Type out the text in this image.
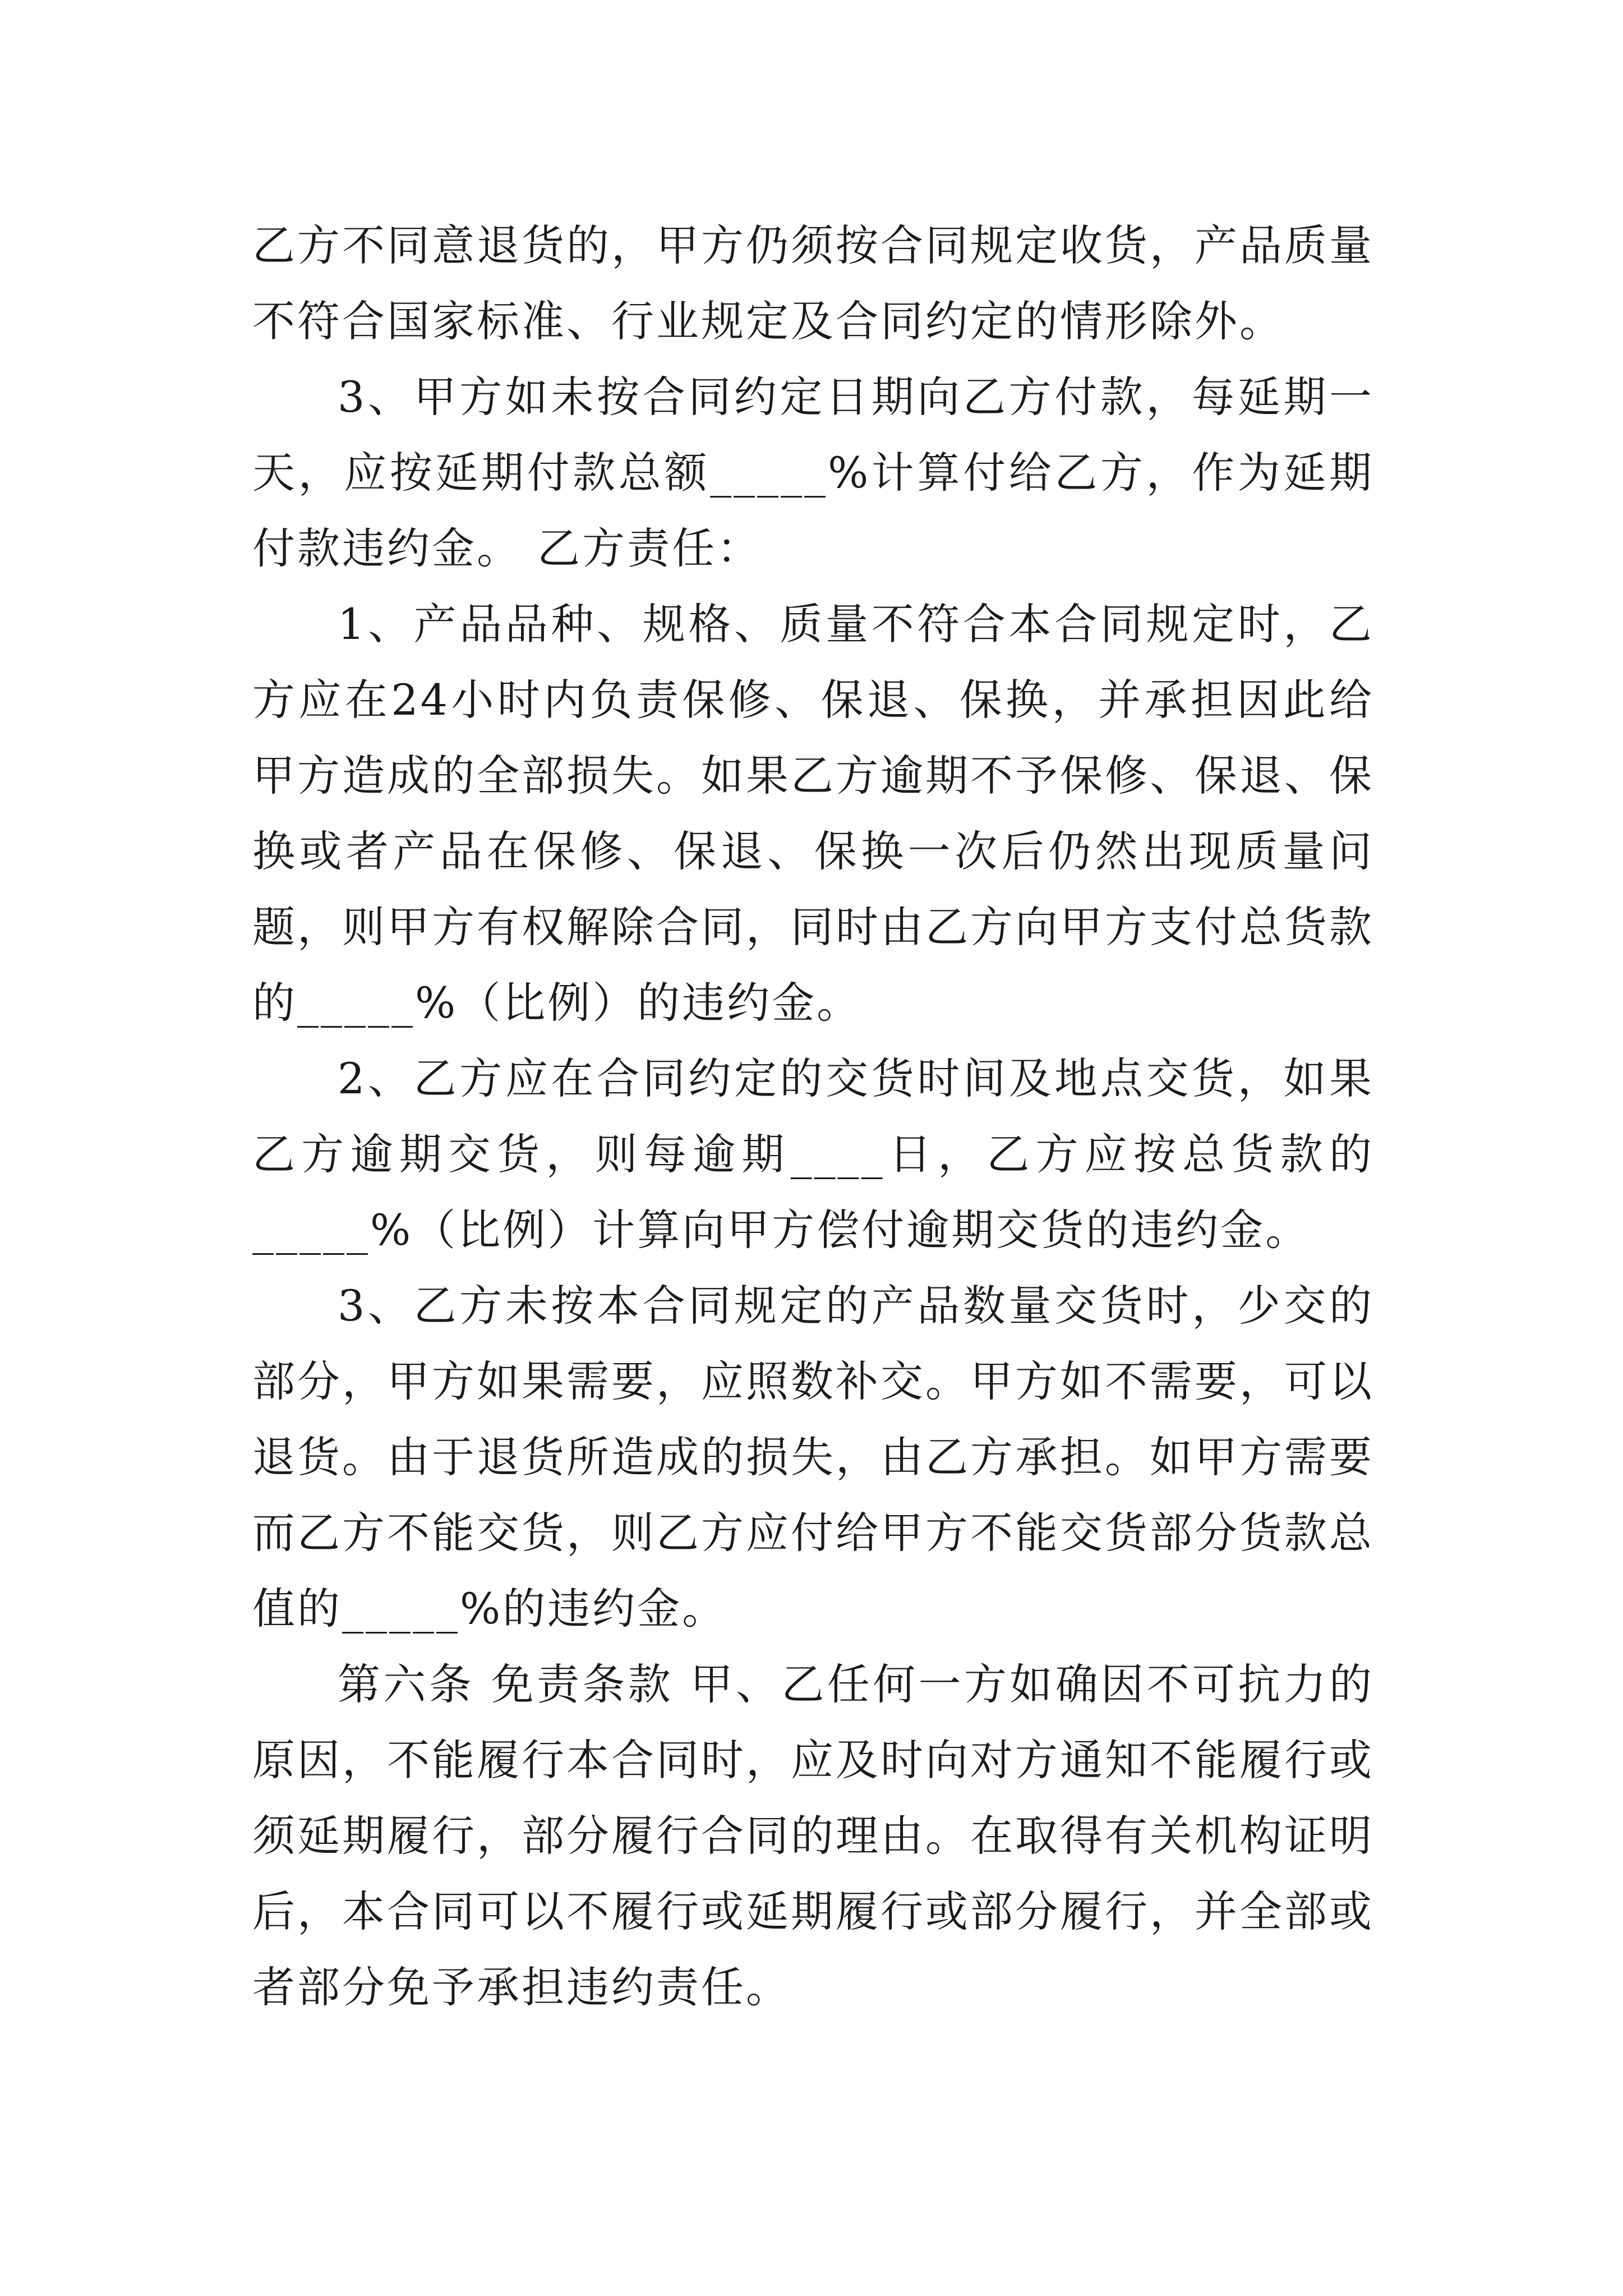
乙方不同意退货的，甲方仍须按合同规定收货，产品质量不符合国家标准、行业规定及合同约定的情形除外。

3、甲方如未按合同约定日期向乙方付款，每延期一天，应按延期付款总额_____%计算付给乙方，作为延期付款违约金。 乙方责任：

1、产品品种、规格、质量不符合本合同规定时，乙方应在24小时内负责保修、保退、保换，并承担因此给甲方造成的全部损失。如果乙方逾期不予保修、保退、保换或者产品在保修、保退、保换一次后仍然出现质量问题，则甲方有权解除合同，同时由乙方向甲方支付总货款的_____%（比例）的违约金。

2、乙方应在合同约定的交货时间及地点交货，如果乙方逾期交货，则每逾期____日，乙方应按总货款的_____%（比例）计算向甲方偿付逾期交货的违约金。

3、乙方未按本合同规定的产品数量交货时，少交的部分，甲方如果需要，应照数补交。甲方如不需要，可以退货。由于退货所造成的损失，由乙方承担。如甲方需要而乙方不能交货，则乙方应付给甲方不能交货部分货款总值的_____%的违约金。

第六条 免责条款 甲、乙任何一方如确因不可抗力的原因，不能履行本合同时，应及时向对方通知不能履行或须延期履行，部分履行合同的理由。在取得有关机构证明后，本合同可以不履行或延期履行或部分履行，并全部或者部分免予承担违约责任。
